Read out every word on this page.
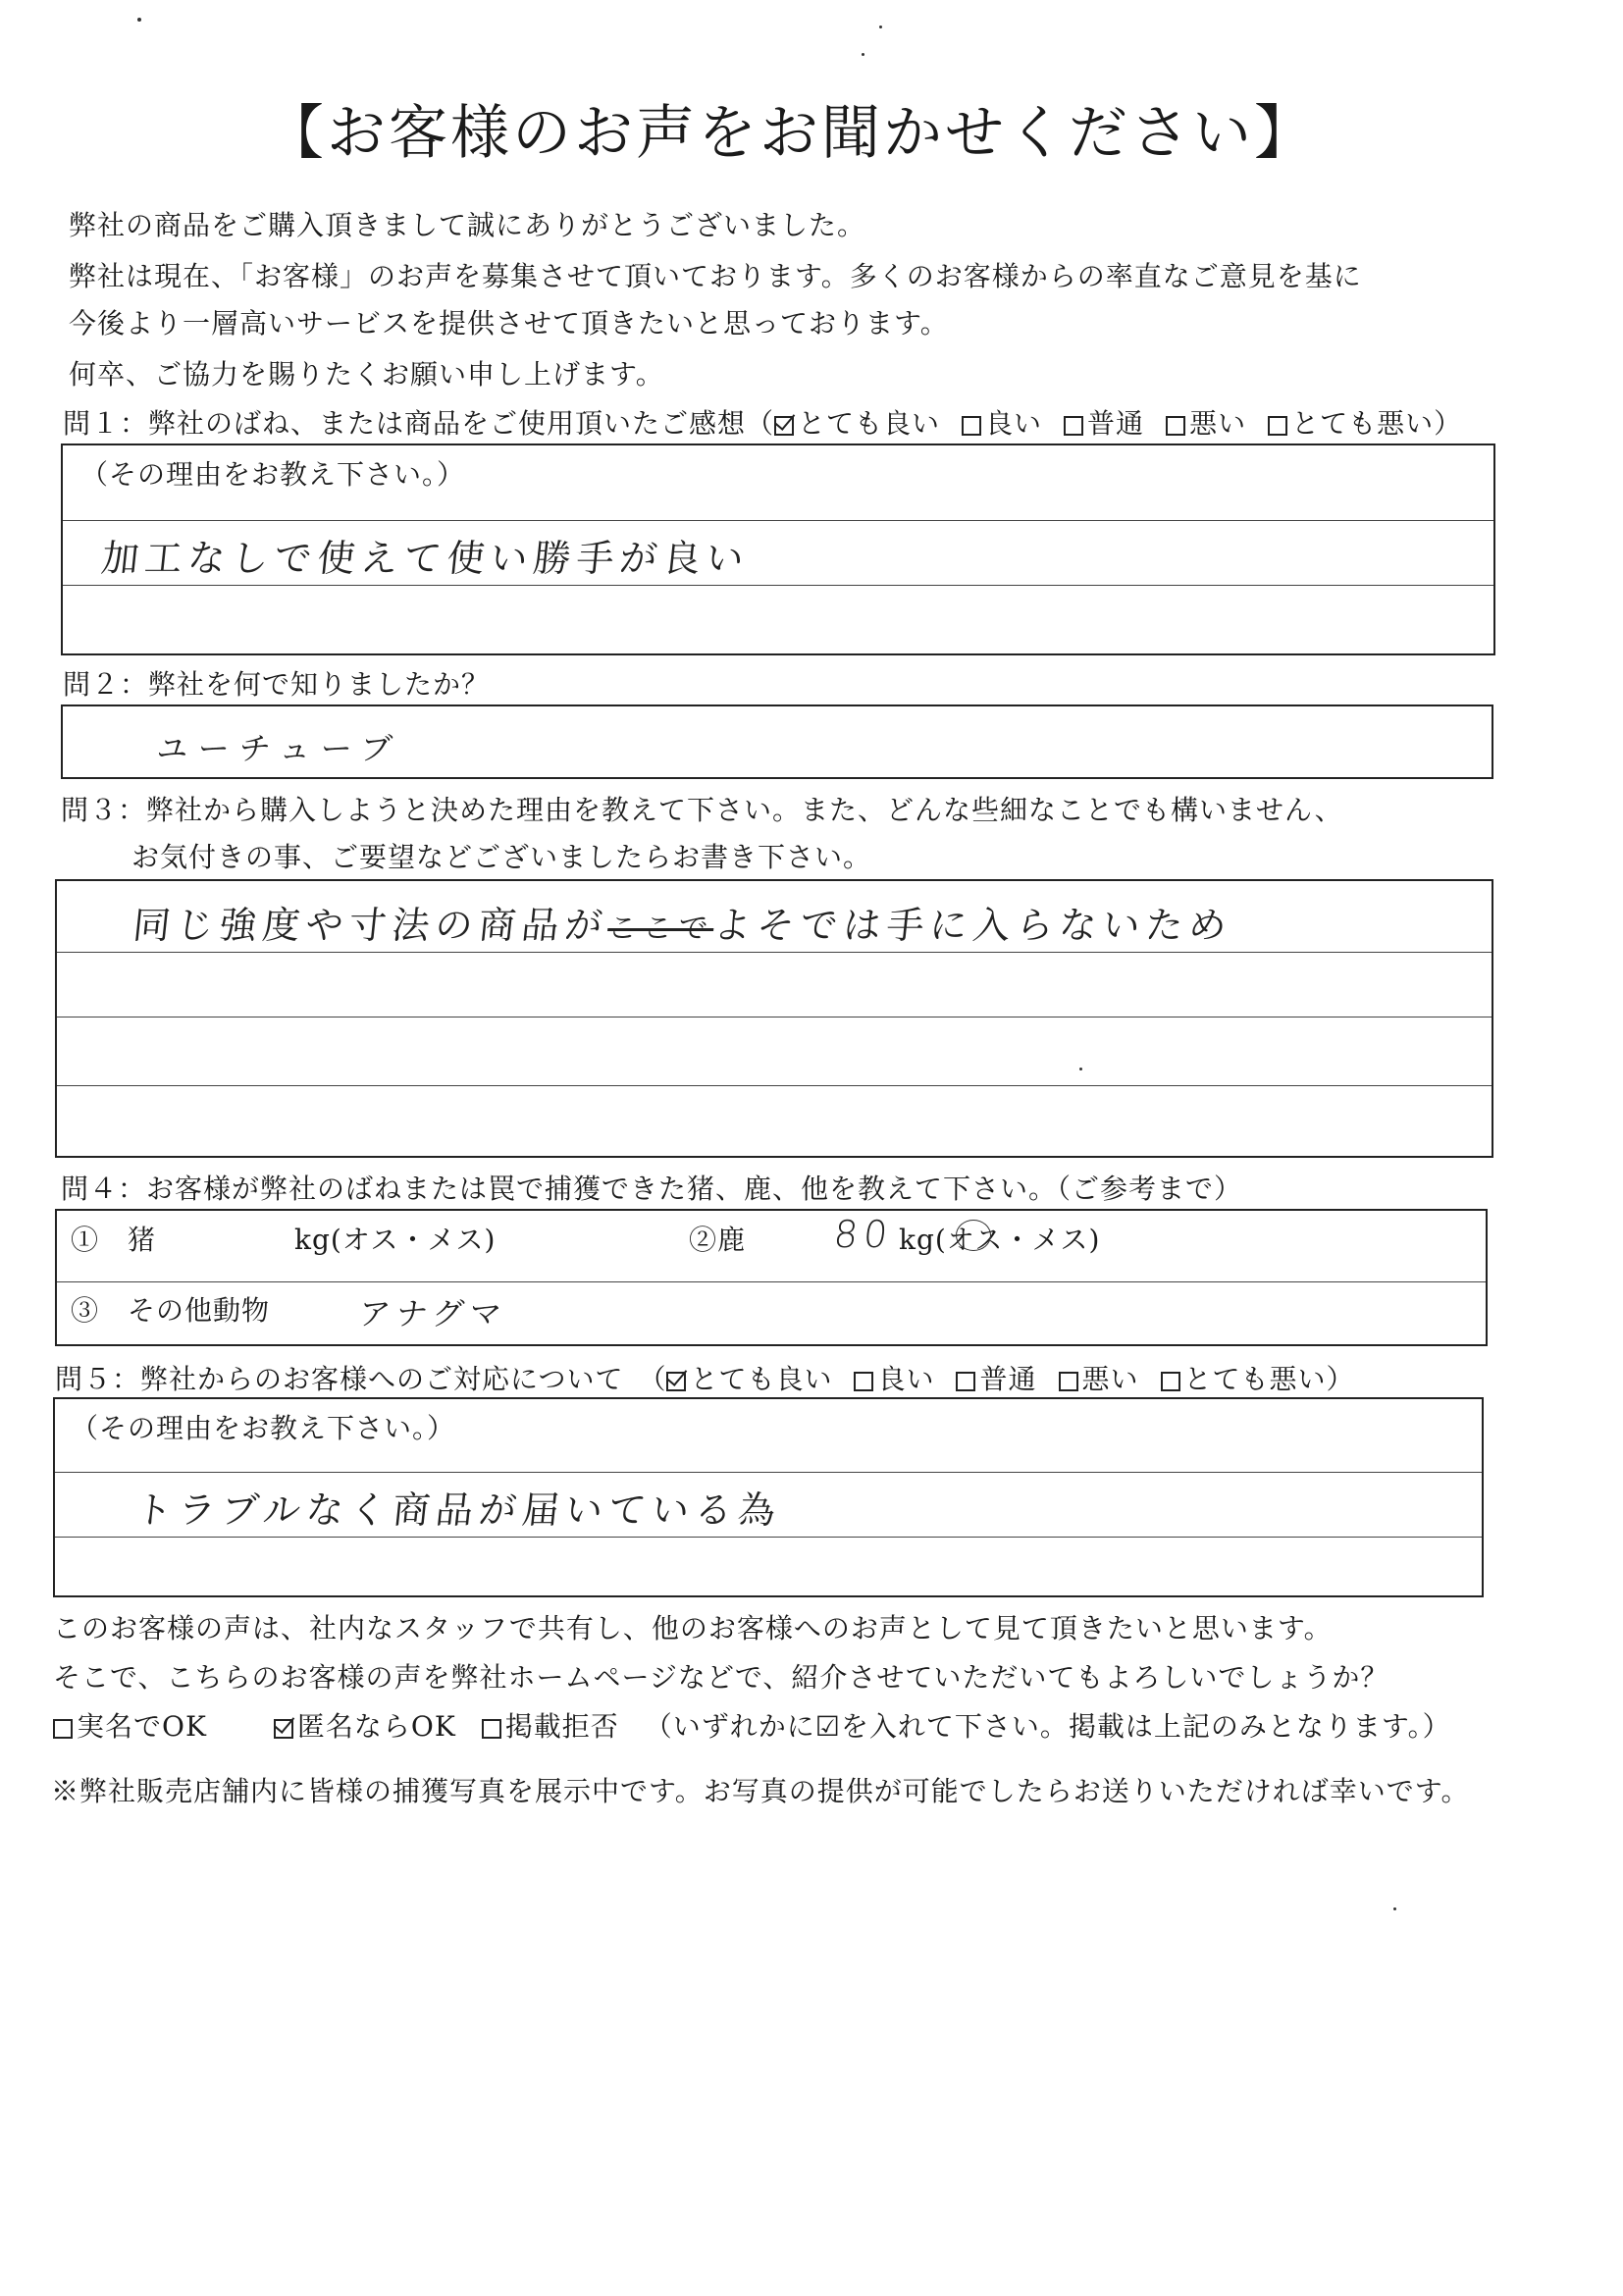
【お客様のお声をお聞かせください】
弊社の商品をご購入頂きまして誠にありがとうございました。
弊社は現在、「お客様」のお声を募集させて頂いております。多くのお客様からの率直なご意見を基に
今後より一層高いサービスを提供させて頂きたいと思っております。
何卒、ご協力を賜りたくお願い申し上げます。
問１：弊社のばね、または商品をご使用頂いたご感想（ とても良い 良い 普通 悪い とても悪い）
（その理由をお教え下さい。）
加工なしで使えて使い勝手が良い
問２：弊社を何で知りましたか？
ユーチューブ
問３：弊社から購入しようと決めた理由を教えて下さい。また、どんな些細なことでも構いません、
お気付きの事、ご要望などございましたらお書き下さい。
同じ強度や寸法の商品がここでよそでは手に入らないため
問４：お客様が弊社のばねまたは罠で捕獲できた猪、鹿、他を教えて下さい。（ご参考まで）
①　猪	kg(オス・メス)	②鹿 80 kg(オス・メス)
③　その他動物	アナグマ
問５：弊社からのお客様へのご対応について　（ とても良い 良い 普通 悪い とても悪い）
（その理由をお教え下さい。）
トラブルなく商品が届いている為
このお客様の声は、社内なスタッフで共有し、他のお客様へのお声として見て頂きたいと思います。
そこで、こちらのお客様の声を弊社ホームページなどで、紹介させていただいてもよろしいでしょうか？
実名でOK	匿名ならOK 掲載拒否 （いずれかに☑を入れて下さい。掲載は上記のみとなります。）
※弊社販売店舗内に皆様の捕獲写真を展示中です。お写真の提供が可能でしたらお送りいただければ幸いです。
